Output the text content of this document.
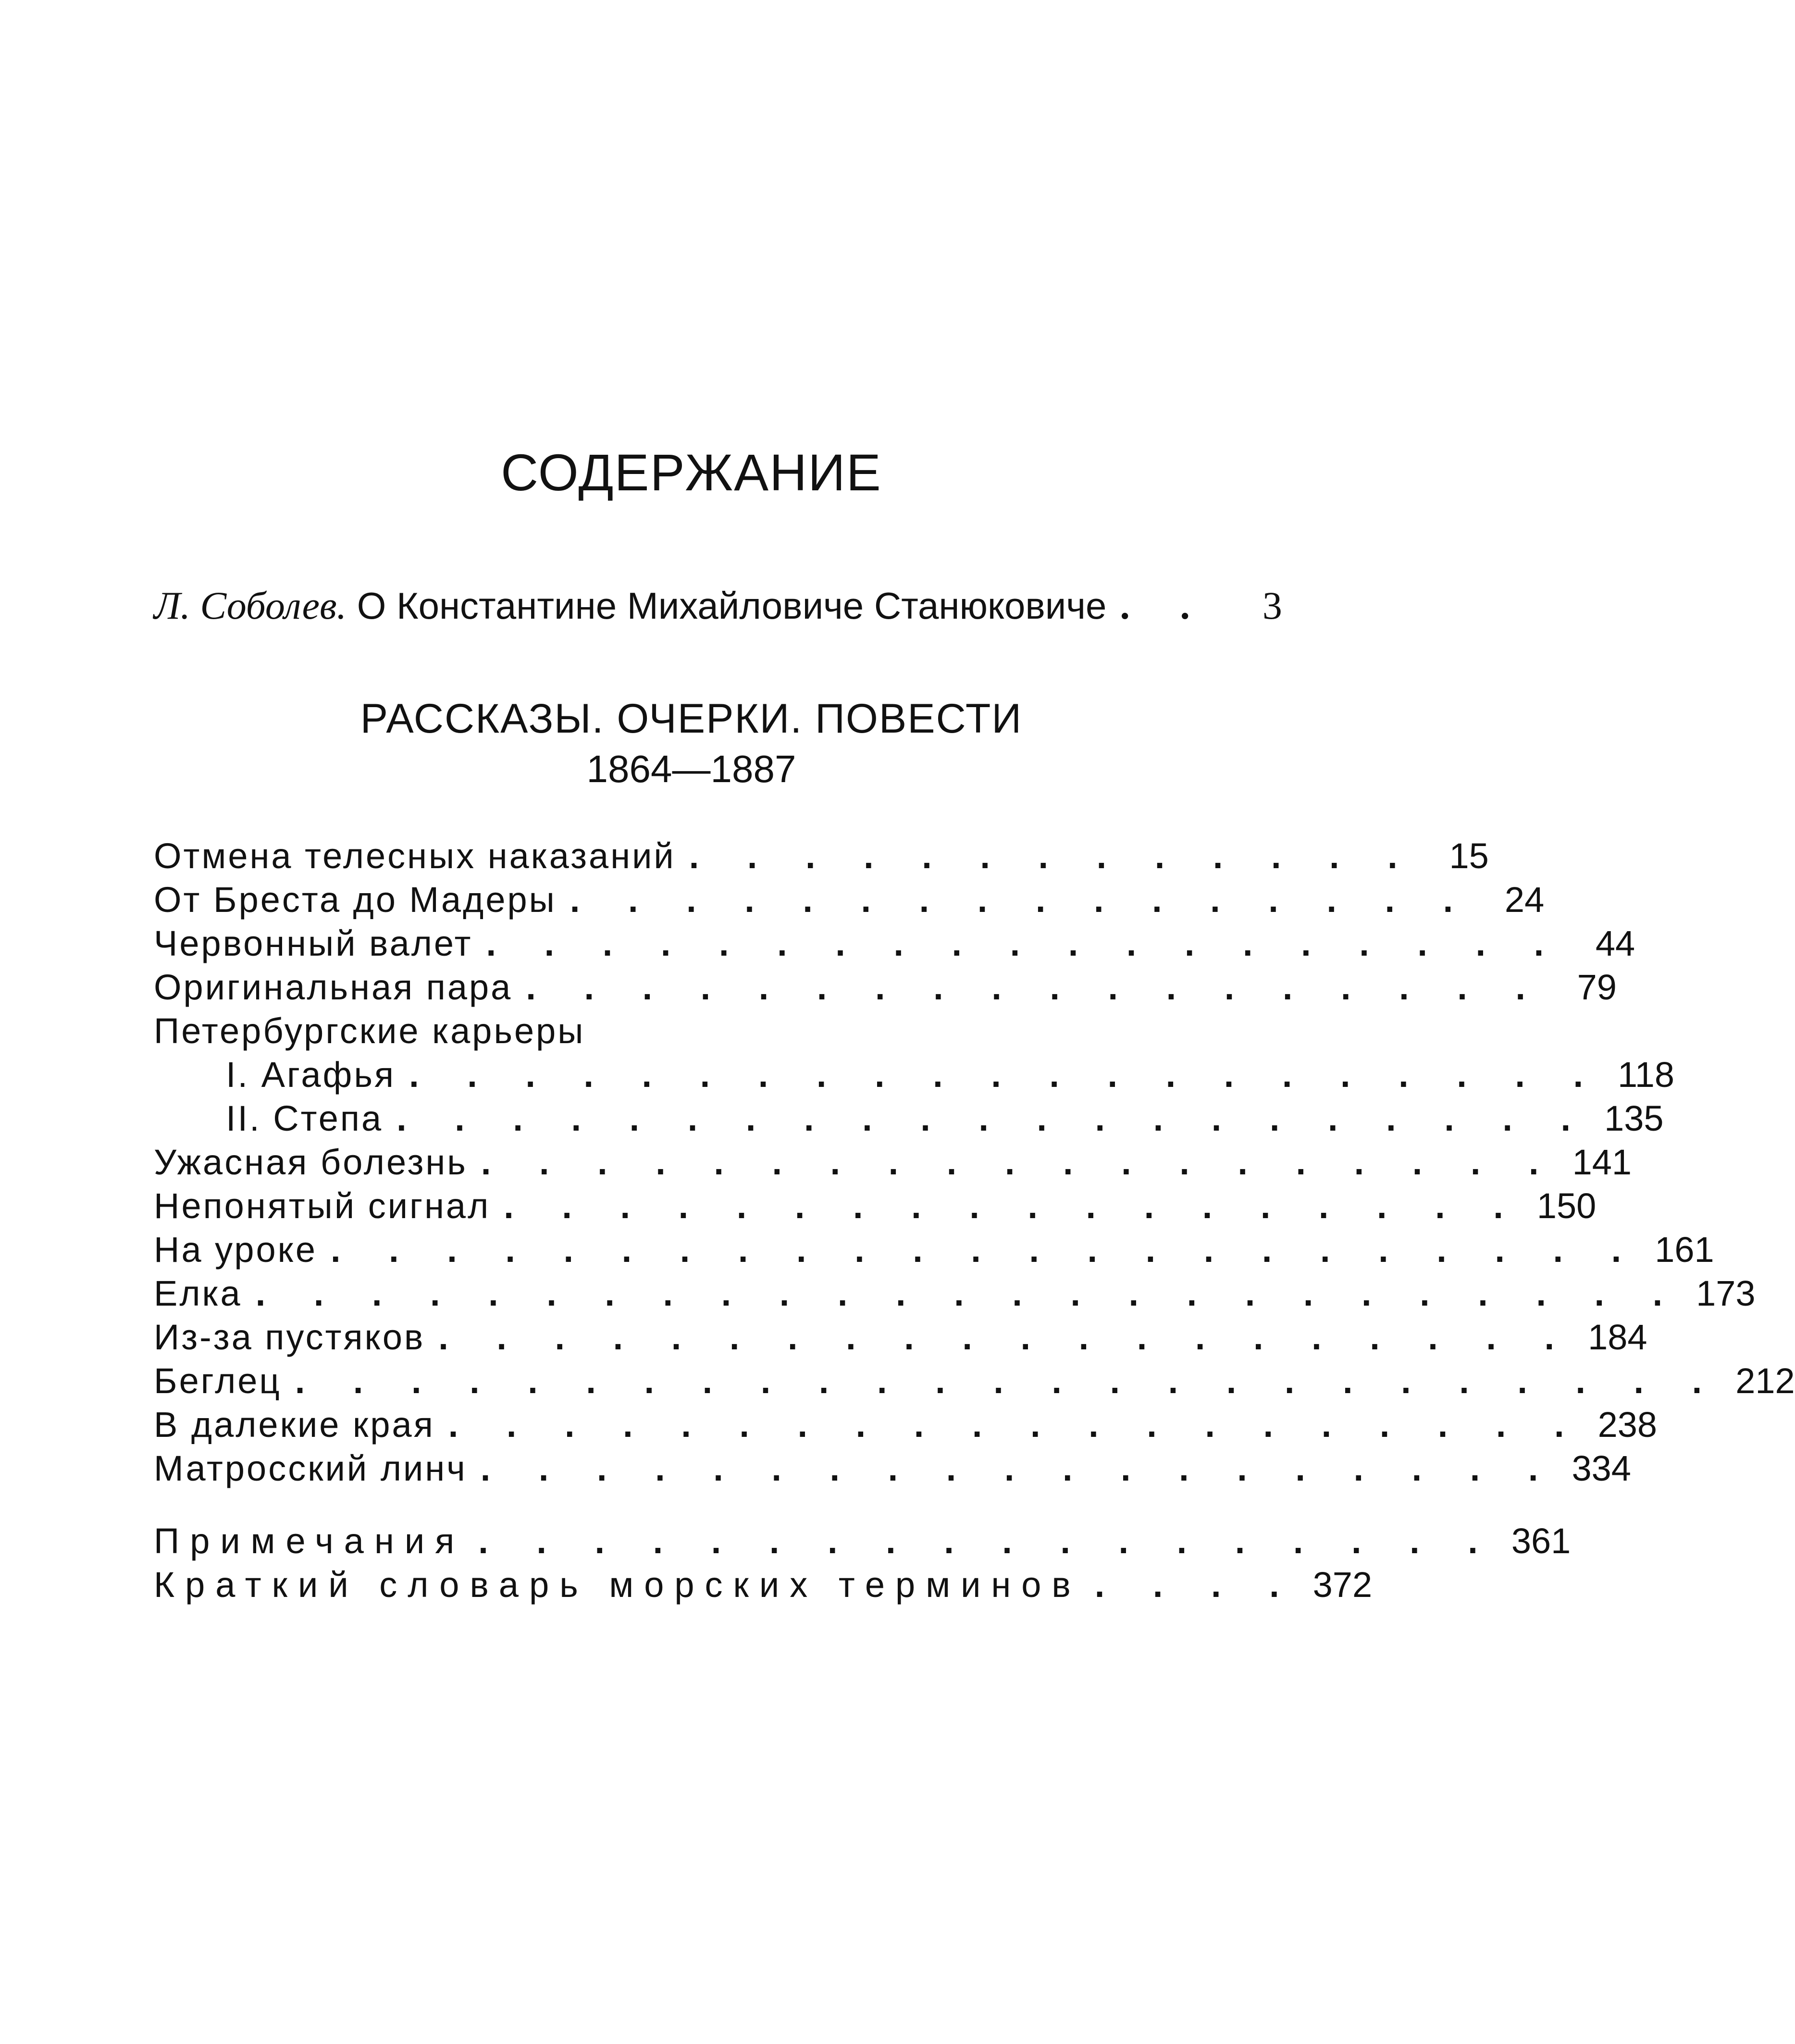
СОДЕРЖАНИЕ
Л. Соболев. О Константине Михайловиче Станюковиче . .	3
РАССКАЗЫ. ОЧЕРКИ. ПОВЕСТИ
1864—1887
Отмена телесных наказаний . . . . . . . . . . . . . 15
От Бреста до Мадеры . . . . . . . . . . . . . . . . 24
Червонный валет . . . . . . . . . . . . . . . . . . . 44
Оригинальная пара . . . . . . . . . . . . . . . . . . 79
Петербургские карьеры
I. Агафья . . . . . . . . . . . . . . . . . . . . . 118
II. Степа . . . . . . . . . . . . . . . . . . . . . 135
Ужасная болезнь . . . . . . . . . . . . . . . . . . . 141
Непонятый сигнал . . . . . . . . . . . . . . . . . . 150
На уроке . . . . . . . . . . . . . . . . . . . . . . . 161
Елка . . . . . . . . . . . . . . . . . . . . . . . . . 173
Из-за пустяков . . . . . . . . . . . . . . . . . . . . 184
Беглец . . . . . . . . . . . . . . . . . . . . . . . . . 212
В далекие края . . . . . . . . . . . . . . . . . . . . 238
Матросский линч . . . . . . . . . . . . . . . . . . . 334
Примечания . . . . . . . . . . . . . . . . . . 361
Краткий словарь морских терминов . . . . 372
